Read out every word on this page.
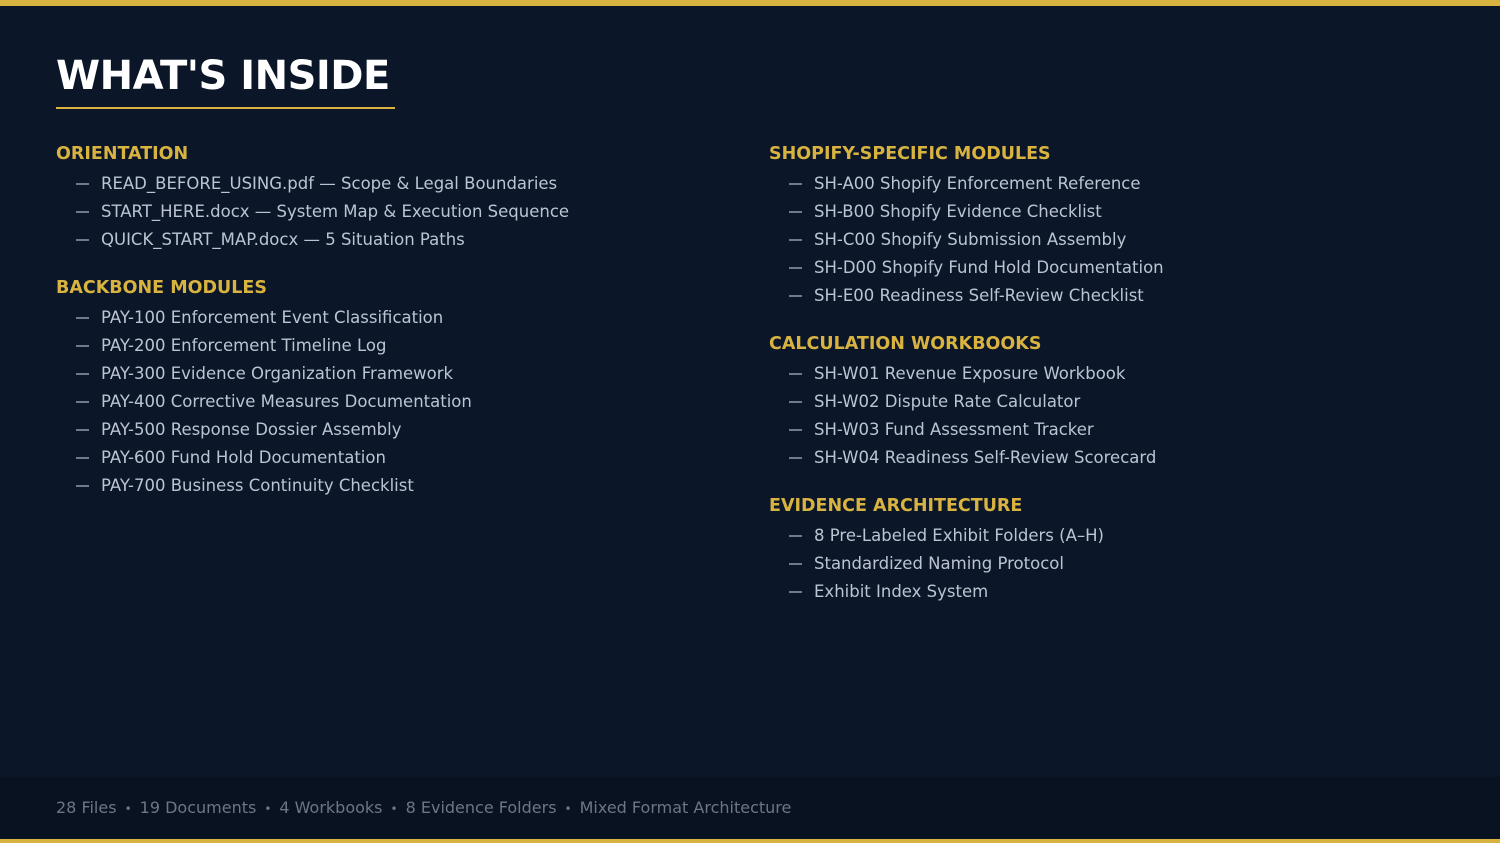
WHAT'S INSIDE
ORIENTATION
READ_BEFORE_USING.pdf — Scope & Legal Boundaries
START_HERE.docx — System Map & Execution Sequence
QUICK_START_MAP.docx — 5 Situation Paths
BACKBONE MODULES
PAY-100 Enforcement Event Classification
PAY-200 Enforcement Timeline Log
PAY-300 Evidence Organization Framework
PAY-400 Corrective Measures Documentation
PAY-500 Response Dossier Assembly
PAY-600 Fund Hold Documentation
PAY-700 Business Continuity Checklist
SHOPIFY-SPECIFIC MODULES
SH-A00 Shopify Enforcement Reference
SH-B00 Shopify Evidence Checklist
SH-C00 Shopify Submission Assembly
SH-D00 Shopify Fund Hold Documentation
SH-E00 Readiness Self-Review Checklist
CALCULATION WORKBOOKS
SH-W01 Revenue Exposure Workbook
SH-W02 Dispute Rate Calculator
SH-W03 Fund Assessment Tracker
SH-W04 Readiness Self-Review Scorecard
EVIDENCE ARCHITECTURE
8 Pre-Labeled Exhibit Folders (A–H)
Standardized Naming Protocol
Exhibit Index System
28 Files • 19 Documents • 4 Workbooks • 8 Evidence Folders • Mixed Format Architecture
